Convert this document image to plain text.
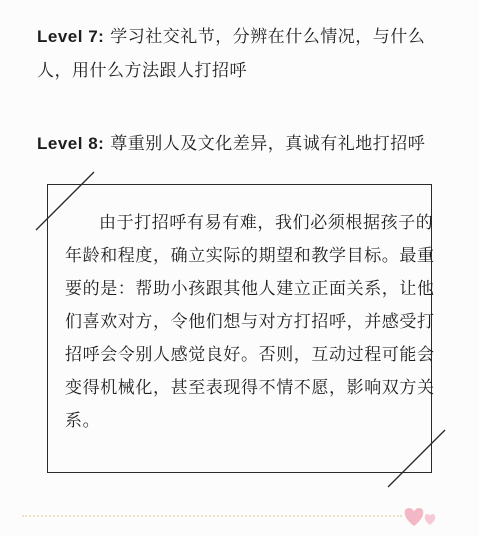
Level 7: 学习社交礼节，分辨在什么情况，与什么人，用什么方法跟人打招呼
Level 8: 尊重别人及文化差异，真诚有礼地打招呼

由于打招呼有易有难，我们必须根据孩子的年龄和程度，确立实际的期望和教学目标。最重要的是：帮助小孩跟其他人建立正面关系，让他们喜欢对方，令他们想与对方打招呼，并感受打招呼会令别人感觉良好。否则，互动过程可能会变得机械化，甚至表现得不情不愿，影响双方关系。
